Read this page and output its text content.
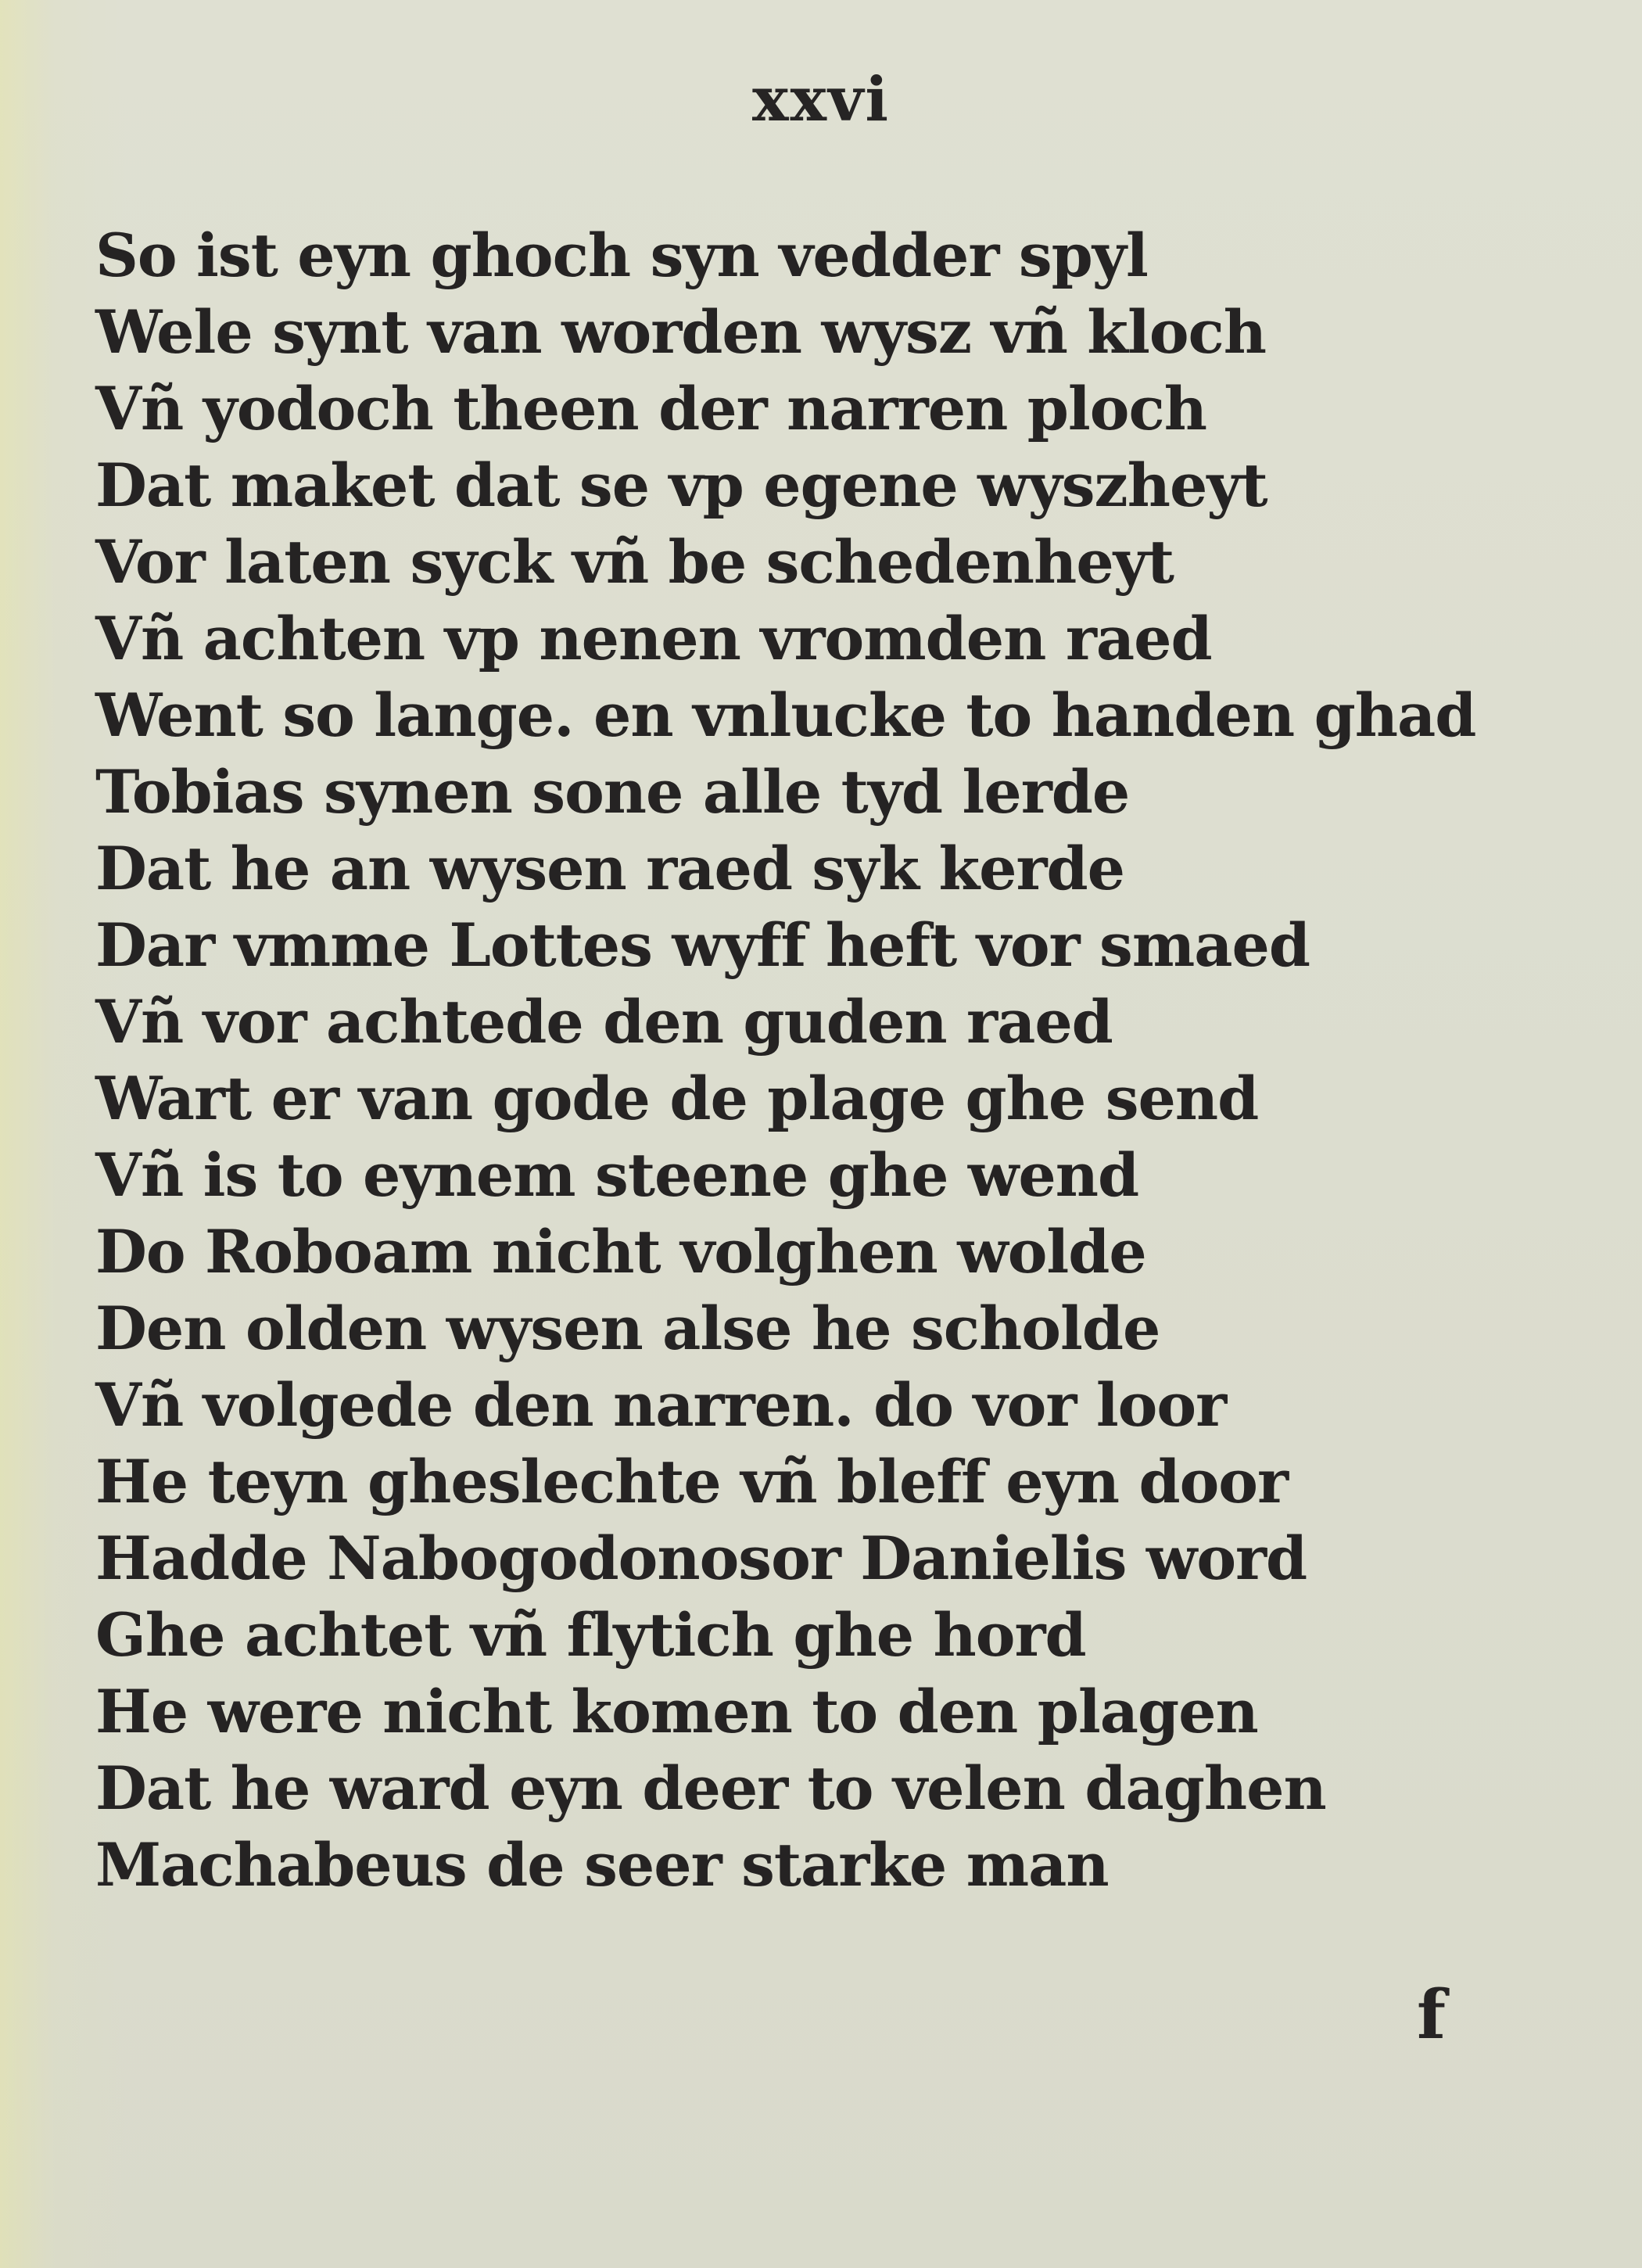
xxvi
So ist eyn ghoch syn vedder spyl
Wele synt van worden wysz vñ kloch
Vñ yodoch theen der narren ploch
Dat maket dat se vp egene wyszheyt
Vor laten syck vñ be schedenheyt
Vñ achten vp nenen vromden raed
Went so lange. en vnlucke to handen ghad
Tobias synen sone alle tyd lerde
Dat he an wysen raed syk kerde
Dar vmme Lottes wyff heft vor smaed
Vñ vor achtede den guden raed
Wart er van gode de plage ghe send
Vñ is to eynem steene ghe wend
Do Roboam nicht volghen wolde
Den olden wysen alse he scholde
Vñ volgede den narren. do vor loor
He teyn gheslechte vñ bleff eyn door
Hadde Nabogodonosor Danielis word
Ghe achtet vñ flytich ghe hord
He were nicht komen to den plagen
Dat he ward eyn deer to velen daghen
Machabeus de seer starke man
f
